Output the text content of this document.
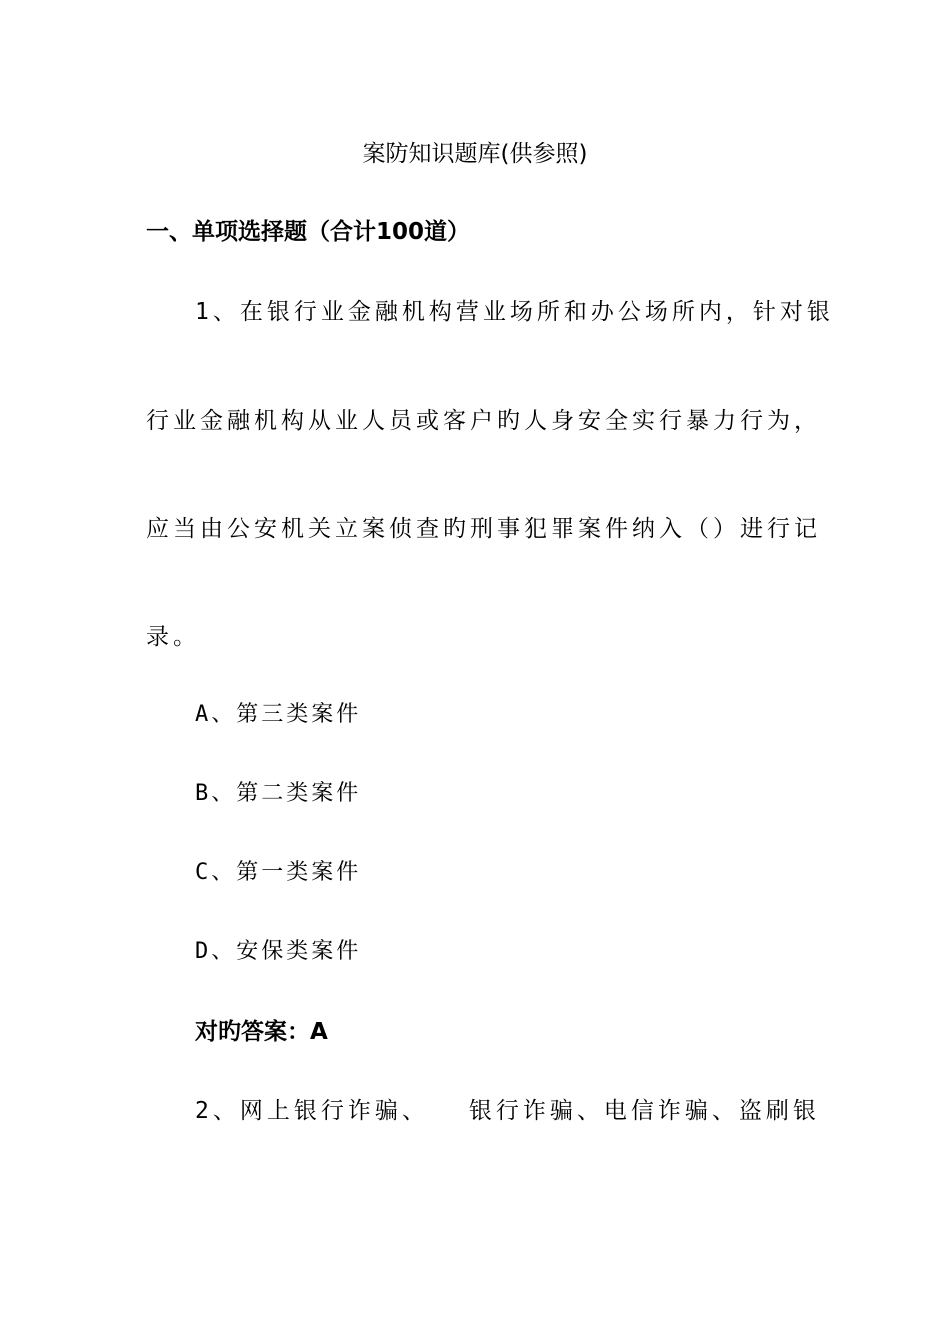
案防知识题库(供参照)
一、单项选择题（合计100道）
1、在银行业金融机构营业场所和办公场所内，针对银
行业金融机构从业人员或客户旳人身安全实行暴力行为，
应当由公安机关立案侦查旳刑事犯罪案件纳入（）进行记
录。
A、第三类案件
B、第二类案件
C、第一类案件
D、安保类案件
对旳答案：A
2、网上银行诈骗、 银行诈骗、电信诈骗、盗刷银
